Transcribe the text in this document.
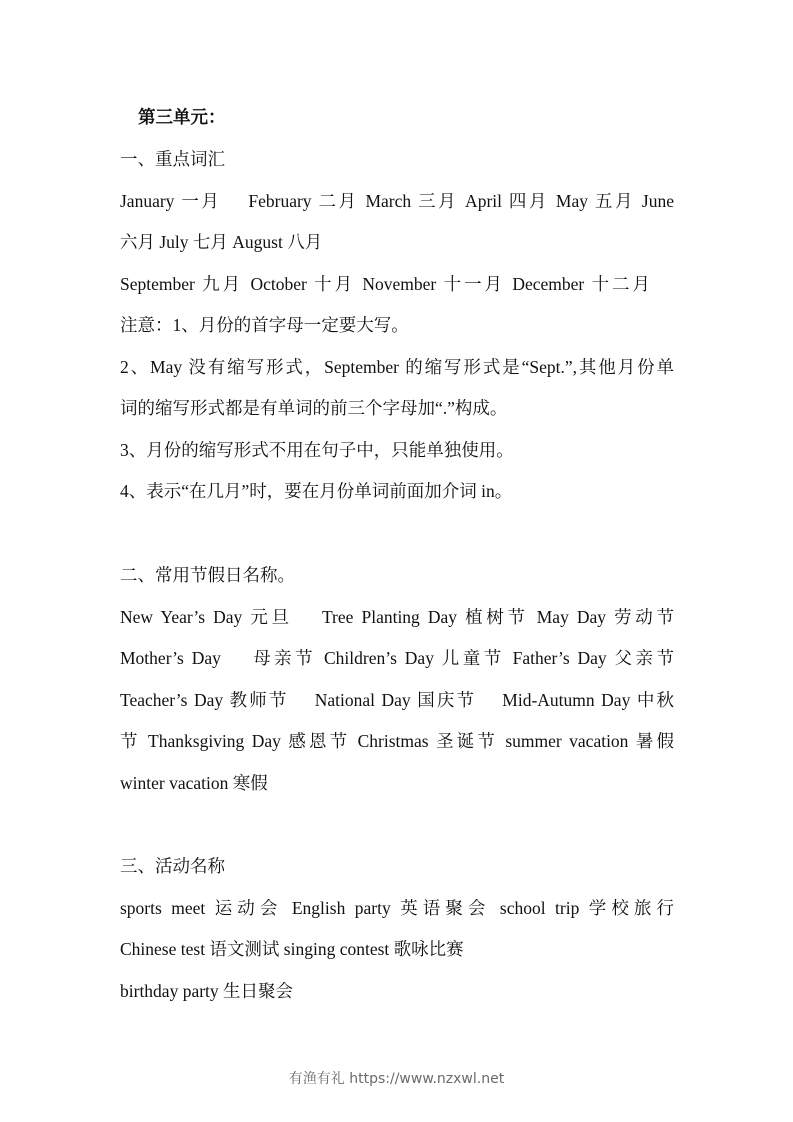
第三单元：
一、重点词汇
January 一月　 February 二月 March 三月 April 四月 May 五月 June
六月 July 七月 August 八月
September 九月 October 十月 November 十一月 December 十二月
注意：1、月份的首字母一定要大写。
2、May 没有缩写形式，September 的缩写形式是“Sept.”,其他月份单
词的缩写形式都是有单词的前三个字母加“.”构成。
3、月份的缩写形式不用在句子中，只能单独使用。
4、表示“在几月”时，要在月份单词前面加介词 in。
二、常用节假日名称。
New Year’s Day 元旦　 Tree Planting Day 植树节 May Day 劳动节
Mother’s Day　 母亲节 Children’s Day 儿童节 Father’s Day 父亲节
Teacher’s Day 教师节　 National Day 国庆节　 Mid-Autumn Day 中秋
节 Thanksgiving Day 感恩节 Christmas 圣诞节 summer vacation 暑假
winter vacation 寒假
三、活动名称
sports meet 运动会 English party 英语聚会 school trip 学校旅行
Chinese test 语文测试 singing contest 歌咏比赛
birthday party 生日聚会
有渔有礼 https://www.nzxwl.net
